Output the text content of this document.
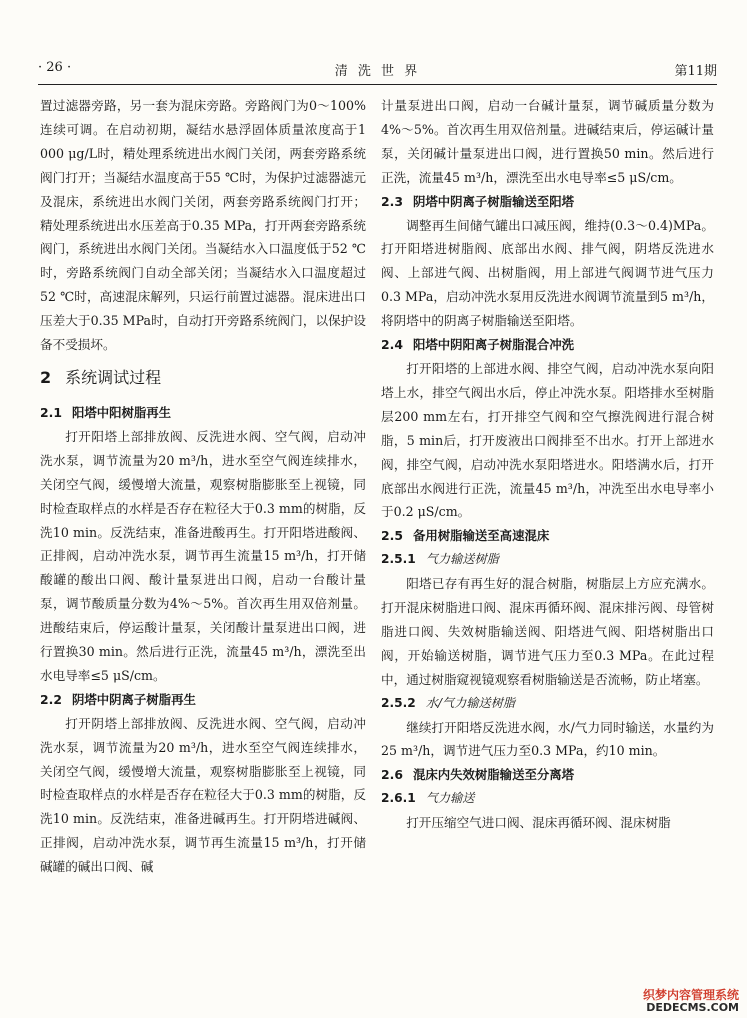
· 26 ·	清 洗 世 界	第11期

置过滤器旁路，另一套为混床旁路。旁路阀门为0～100%连续可调。在启动初期，凝结水悬浮固体质量浓度高于1 000 μg/L时，精处理系统进出水阀门关闭，两套旁路系统阀门打开；当凝结水温度高于55 ℃时，为保护过滤器滤元及混床，系统进出水阀门关闭，两套旁路系统阀门打开；精处理系统进出水压差高于0.35 MPa，打开两套旁路系统阀门，系统进出水阀门关闭。当凝结水入口温度低于52 ℃时，旁路系统阀门自动全部关闭；当凝结水入口温度超过52 ℃时，高速混床解列，只运行前置过滤器。混床进出口压差大于0.35 MPa时，自动打开旁路系统阀门，以保护设备不受损坏。

2 系统调试过程
2.1 阳塔中阳树脂再生

打开阳塔上部排放阀、反洗进水阀、空气阀，启动冲洗水泵，调节流量为20 m³/h，进水至空气阀连续排水，关闭空气阀，缓慢增大流量，观察树脂膨胀至上视镜，同时检查取样点的水样是否存在粒径大于0.3 mm的树脂，反洗10 min。反洗结束，准备进酸再生。打开阳塔进酸阀、正排阀，启动冲洗水泵，调节再生流量15 m³/h，打开储酸罐的酸出口阀、酸计量泵进出口阀，启动一台酸计量泵，调节酸质量分数为4%～5%。首次再生用双倍剂量。进酸结束后，停运酸计量泵，关闭酸计量泵进出口阀，进行置换30 min。然后进行正洗，流量45 m³/h，漂洗至出水电导率≤5 μS/cm。

2.2 阴塔中阴离子树脂再生

打开阴塔上部排放阀、反洗进水阀、空气阀，启动冲洗水泵，调节流量为20 m³/h，进水至空气阀连续排水，关闭空气阀，缓慢增大流量，观察树脂膨胀至上视镜，同时检查取样点的水样是否存在粒径大于0.3 mm的树脂，反洗10 min。反洗结束，准备进碱再生。打开阴塔进碱阀、正排阀，启动冲洗水泵，调节再生流量15 m³/h，打开储碱罐的碱出口阀、碱

计量泵进出口阀，启动一台碱计量泵，调节碱质量分数为4%～5%。首次再生用双倍剂量。进碱结束后，停运碱计量泵，关闭碱计量泵进出口阀，进行置换50 min。然后进行正洗，流量45 m³/h，漂洗至出水电导率≤5 μS/cm。

2.3 阴塔中阴离子树脂输送至阳塔

调整再生间储气罐出口减压阀，维持(0.3～0.4)MPa。打开阳塔进树脂阀、底部出水阀、排气阀，阴塔反洗进水阀、上部进气阀、出树脂阀，用上部进气阀调节进气压力0.3 MPa，启动冲洗水泵用反洗进水阀调节流量到5 m³/h，将阴塔中的阴离子树脂输送至阳塔。

2.4 阳塔中阴阳离子树脂混合冲洗

打开阳塔的上部进水阀、排空气阀，启动冲洗水泵向阳塔上水，排空气阀出水后，停止冲洗水泵。阳塔排水至树脂层200 mm左右，打开排空气阀和空气擦洗阀进行混合树脂，5 min后，打开废液出口阀排至不出水。打开上部进水阀，排空气阀，启动冲洗水泵阳塔进水。阳塔满水后，打开底部出水阀进行正洗，流量45 m³/h，冲洗至出水电导率小于0.2 μS/cm。

2.5 备用树脂输送至高速混床
2.5.1 气力输送树脂

阳塔已存有再生好的混合树脂，树脂层上方应充满水。打开混床树脂进口阀、混床再循环阀、混床排污阀、母管树脂进口阀、失效树脂输送阀、阳塔进气阀、阳塔树脂出口阀，开始输送树脂，调节进气压力至0.3 MPa。在此过程中，通过树脂窥视镜观察看树脂输送是否流畅，防止堵塞。

2.5.2 水/气力输送树脂

继续打开阳塔反洗进水阀，水/气力同时输送，水量约为25 m³/h，调节进气压力至0.3 MPa，约10 min。

2.6 混床内失效树脂输送至分离塔
2.6.1 气力输送

打开压缩空气进口阀、混床再循环阀、混床树脂

织梦内容管理系统
DEDECMS.COM
